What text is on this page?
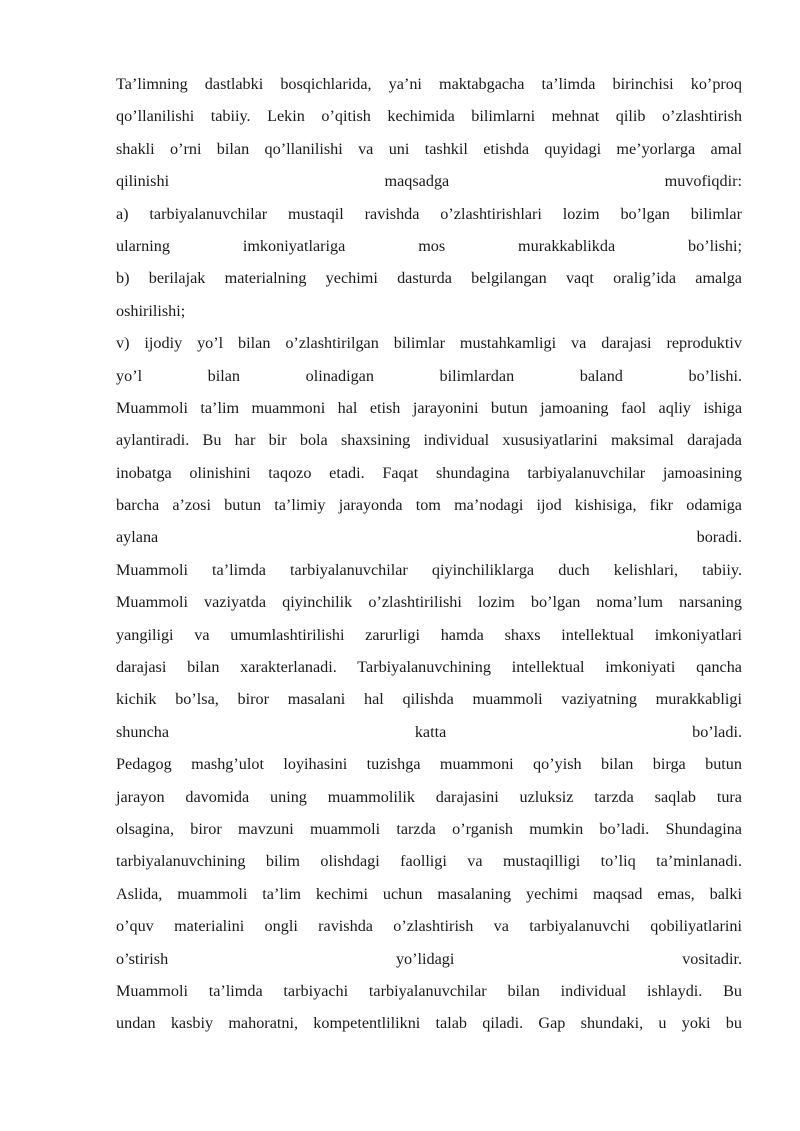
Ta’limning dastlabki bosqichlarida, ya’ni maktabgacha ta’limda birinchisi ko’proq
qo’llanilishi tabiiy. Lekin o’qitish kechimida bilimlarni mehnat qilib o’zlashtirish
shakli o’rni bilan qo’llanilishi va uni tashkil etishda quyidagi me’yorlarga amal
qilinishi maqsadga muvofiqdir:
a) tarbiyalanuvchilar mustaqil ravishda o’zlashtirishlari lozim bo’lgan bilimlar
ularning imkoniyatlariga mos murakkablikda bo’lishi;
b) berilajak materialning yechimi dasturda belgilangan vaqt oralig’ida amalga
oshirilishi;
v) ijodiy yo’l bilan o’zlashtirilgan bilimlar mustahkamligi va darajasi reproduktiv
yo’l bilan olinadigan bilimlardan baland bo’lishi.
Muammoli ta’lim muammoni hal etish jarayonini butun jamoaning faol aqliy ishiga
aylantiradi. Bu har bir bola shaxsining individual xususiyatlarini maksimal darajada
inobatga olinishini taqozo etadi. Faqat shundagina tarbiyalanuvchilar jamoasining
barcha a’zosi butun ta’limiy jarayonda tom ma’nodagi ijod kishisiga, fikr odamiga
aylana boradi.
Muammoli ta’limda tarbiyalanuvchilar qiyinchiliklarga duch kelishlari, tabiiy.
Muammoli vaziyatda qiyinchilik o’zlashtirilishi lozim bo’lgan noma’lum narsaning
yangiligi va umumlashtirilishi zarurligi hamda shaxs intellektual imkoniyatlari
darajasi bilan xarakterlanadi. Tarbiyalanuvchining intellektual imkoniyati qancha
kichik bo’lsa, biror masalani hal qilishda muammoli vaziyatning murakkabligi
shuncha katta bo’ladi.
Pedagog mashg’ulot loyihasini tuzishga muammoni qo’yish bilan birga butun
jarayon davomida uning muammolilik darajasini uzluksiz tarzda saqlab tura
olsagina, biror mavzuni muammoli tarzda o’rganish mumkin bo’ladi. Shundagina
tarbiyalanuvchining bilim olishdagi faolligi va mustaqilligi to’liq ta’minlanadi.
Aslida, muammoli ta’lim kechimi uchun masalaning yechimi maqsad emas, balki
o’quv materialini ongli ravishda o’zlashtirish va tarbiyalanuvchi qobiliyatlarini
o’stirish yo’lidagi vositadir.
Muammoli ta’limda tarbiyachi tarbiyalanuvchilar bilan individual ishlaydi. Bu
undan kasbiy mahoratni, kompetentlilikni talab qiladi. Gap shundaki, u yoki bu
